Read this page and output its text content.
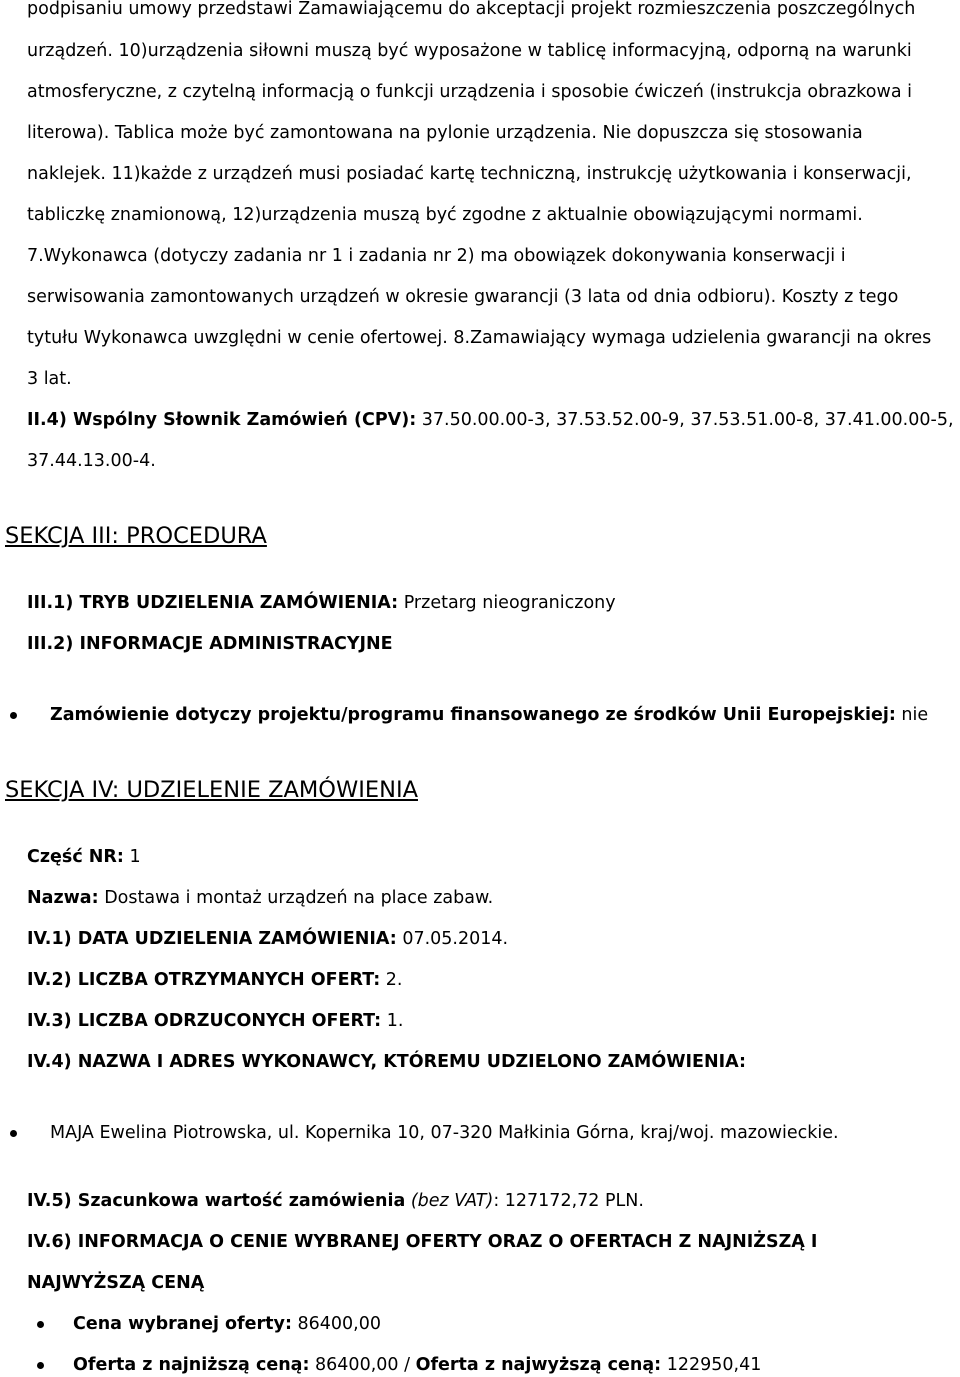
podpisaniu umowy przedstawi Zamawiającemu do akceptacji projekt rozmieszczenia poszczególnych
urządzeń. 10)urządzenia siłowni muszą być wyposażone w tablicę informacyjną, odporną na warunki
atmosferyczne, z czytelną informacją o funkcji urządzenia i sposobie ćwiczeń (instrukcja obrazkowa i
literowa). Tablica może być zamontowana na pylonie urządzenia. Nie dopuszcza się stosowania
naklejek. 11)każde z urządzeń musi posiadać kartę techniczną, instrukcję użytkowania i konserwacji,
tabliczkę znamionową, 12)urządzenia muszą być zgodne z aktualnie obowiązującymi normami.
7.Wykonawca (dotyczy zadania nr 1 i zadania nr 2) ma obowiązek dokonywania konserwacji i
serwisowania zamontowanych urządzeń w okresie gwarancji (3 lata od dnia odbioru). Koszty z tego
tytułu Wykonawca uwzględni w cenie ofertowej. 8.Zamawiający wymaga udzielenia gwarancji na okres
3 lat.
II.4) Wspólny Słownik Zamówień (CPV): 37.50.00.00-3, 37.53.52.00-9, 37.53.51.00-8, 37.41.00.00-5,
37.44.13.00-4.
SEKCJA III: PROCEDURA
III.1) TRYB UDZIELENIA ZAMÓWIENIA: Przetarg nieograniczony
III.2) INFORMACJE ADMINISTRACYJNE
Zamówienie dotyczy projektu/programu finansowanego ze środków Unii Europejskiej: nie
SEKCJA IV: UDZIELENIE ZAMÓWIENIA
Część NR: 1
Nazwa: Dostawa i montaż urządzeń na place zabaw.
IV.1) DATA UDZIELENIA ZAMÓWIENIA: 07.05.2014.
IV.2) LICZBA OTRZYMANYCH OFERT: 2.
IV.3) LICZBA ODRZUCONYCH OFERT: 1.
IV.4) NAZWA I ADRES WYKONAWCY, KTÓREMU UDZIELONO ZAMÓWIENIA:
MAJA Ewelina Piotrowska, ul. Kopernika 10, 07-320 Małkinia Górna, kraj/woj. mazowieckie.
IV.5) Szacunkowa wartość zamówienia (bez VAT): 127172,72 PLN.
IV.6) INFORMACJA O CENIE WYBRANEJ OFERTY ORAZ O OFERTACH Z NAJNIŻSZĄ I
NAJWYŻSZĄ CENĄ
Cena wybranej oferty: 86400,00
Oferta z najniższą ceną: 86400,00 / Oferta z najwyższą ceną: 122950,41
